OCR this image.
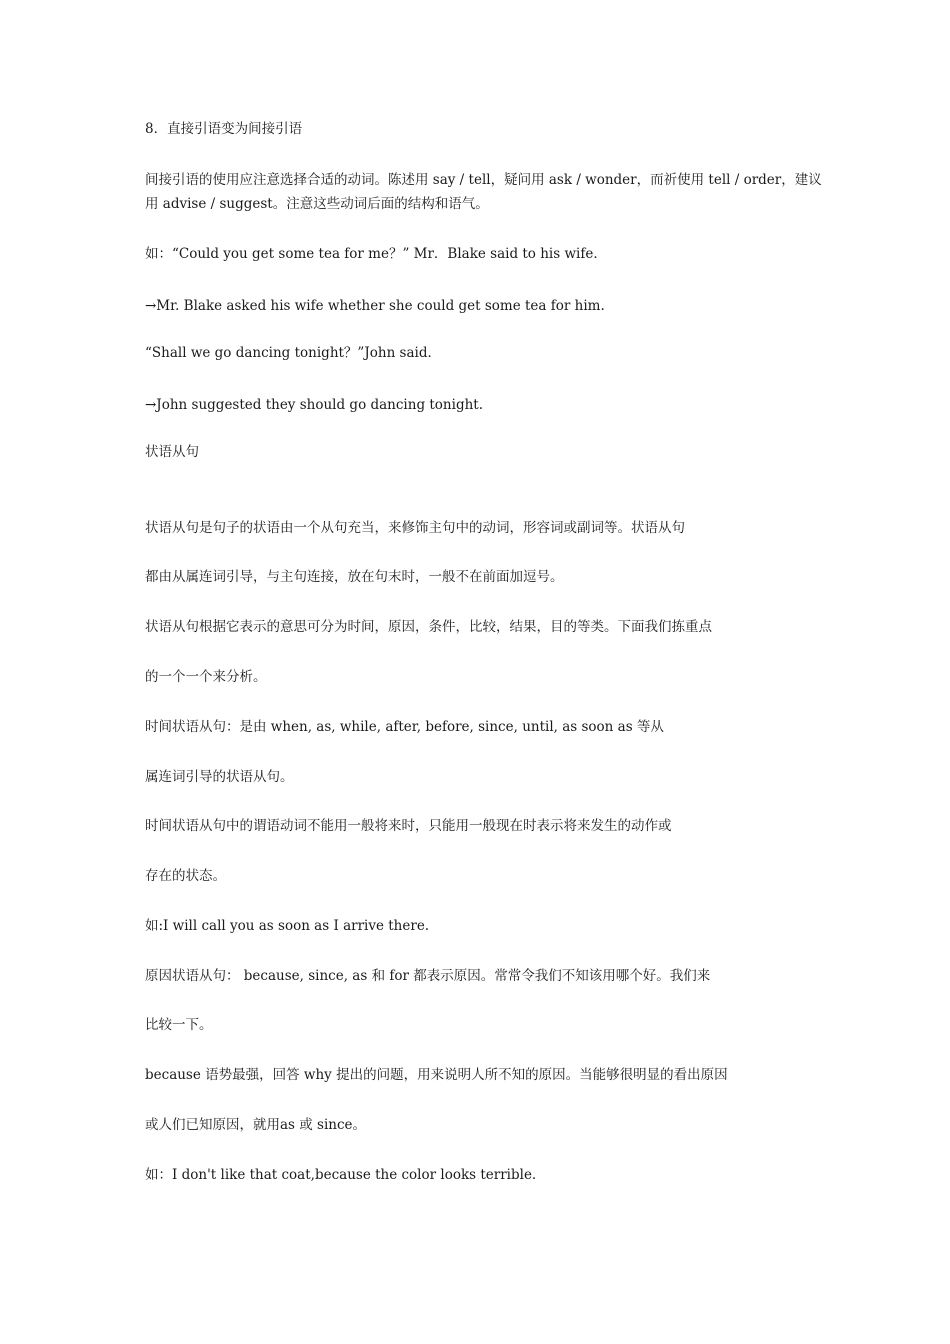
8．直接引语变为间接引语
间接引语的使用应注意选择合适的动词。陈述用 say / tell，疑问用 ask / wonder，而祈使用 tell / order，建议用 advise / suggest。注意这些动词后面的结构和语气。
如：“Could you get some tea for me？” Mr．Blake said to his wife．
→Mr. Blake asked his wife whether she could get some tea for him.
“Shall we go dancing tonight？”John said．
→John suggested they should go dancing tonight.
状语从句
状语从句是句子的状语由一个从句充当，来修饰主句中的动词，形容词或副词等。状语从句
都由从属连词引导，与主句连接，放在句末时，一般不在前面加逗号。
状语从句根据它表示的意思可分为时间，原因，条件，比较，结果，目的等类。下面我们拣重点
的一个一个来分析。
时间状语从句：是由 when, as, while, after, before, since, until, as soon as 等从
属连词引导的状语从句。
时间状语从句中的谓语动词不能用一般将来时，只能用一般现在时表示将来发生的动作或
存在的状态。
如:I will call you as soon as I arrive there.
原因状语从句： because, since, as 和 for 都表示原因。常常令我们不知该用哪个好。我们来
比较一下。
because 语势最强，回答 why 提出的问题，用来说明人所不知的原因。当能够很明显的看出原因
或人们已知原因，就用as 或 since。
如：I don't like that coat,because the color looks terrible.
